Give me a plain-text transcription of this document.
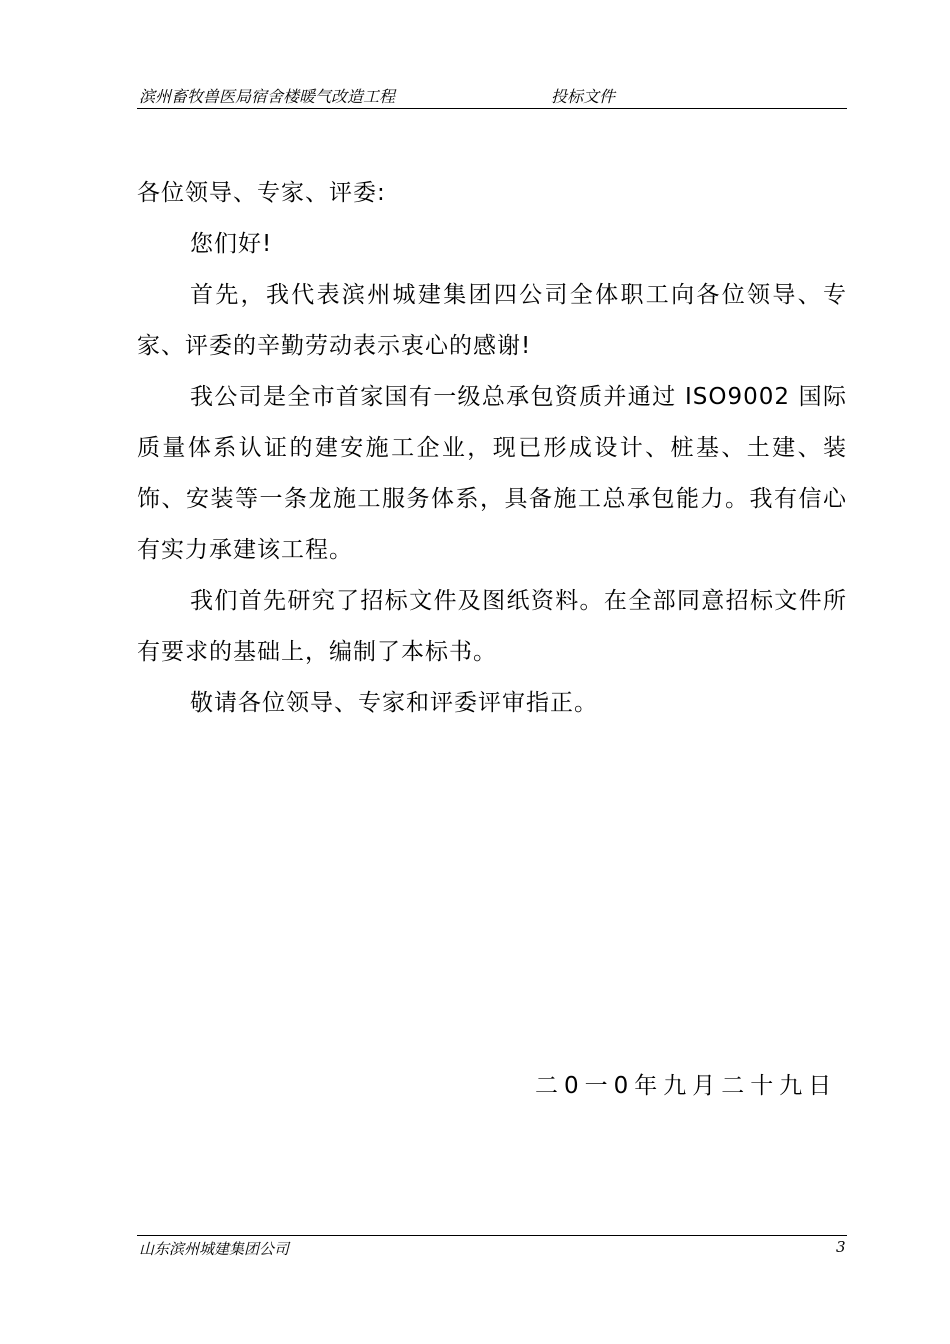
滨州畜牧兽医局宿舍楼暖气改造工程	投标文件

各位领导、专家、评委:

您们好!

首先，我代表滨州城建集团四公司全体职工向各位领导、专家、评委的辛勤劳动表示衷心的感谢!

我公司是全市首家国有一级总承包资质并通过 ISO9002 国际质量体系认证的建安施工企业，现已形成设计、桩基、土建、装饰、安装等一条龙施工服务体系，具备施工总承包能力。我有信心有实力承建该工程。

我们首先研究了招标文件及图纸资料。在全部同意招标文件所有要求的基础上，编制了本标书。

敬请各位领导、专家和评委评审指正。

二0一0年九月二十九日
山东滨州城建集团公司	3
